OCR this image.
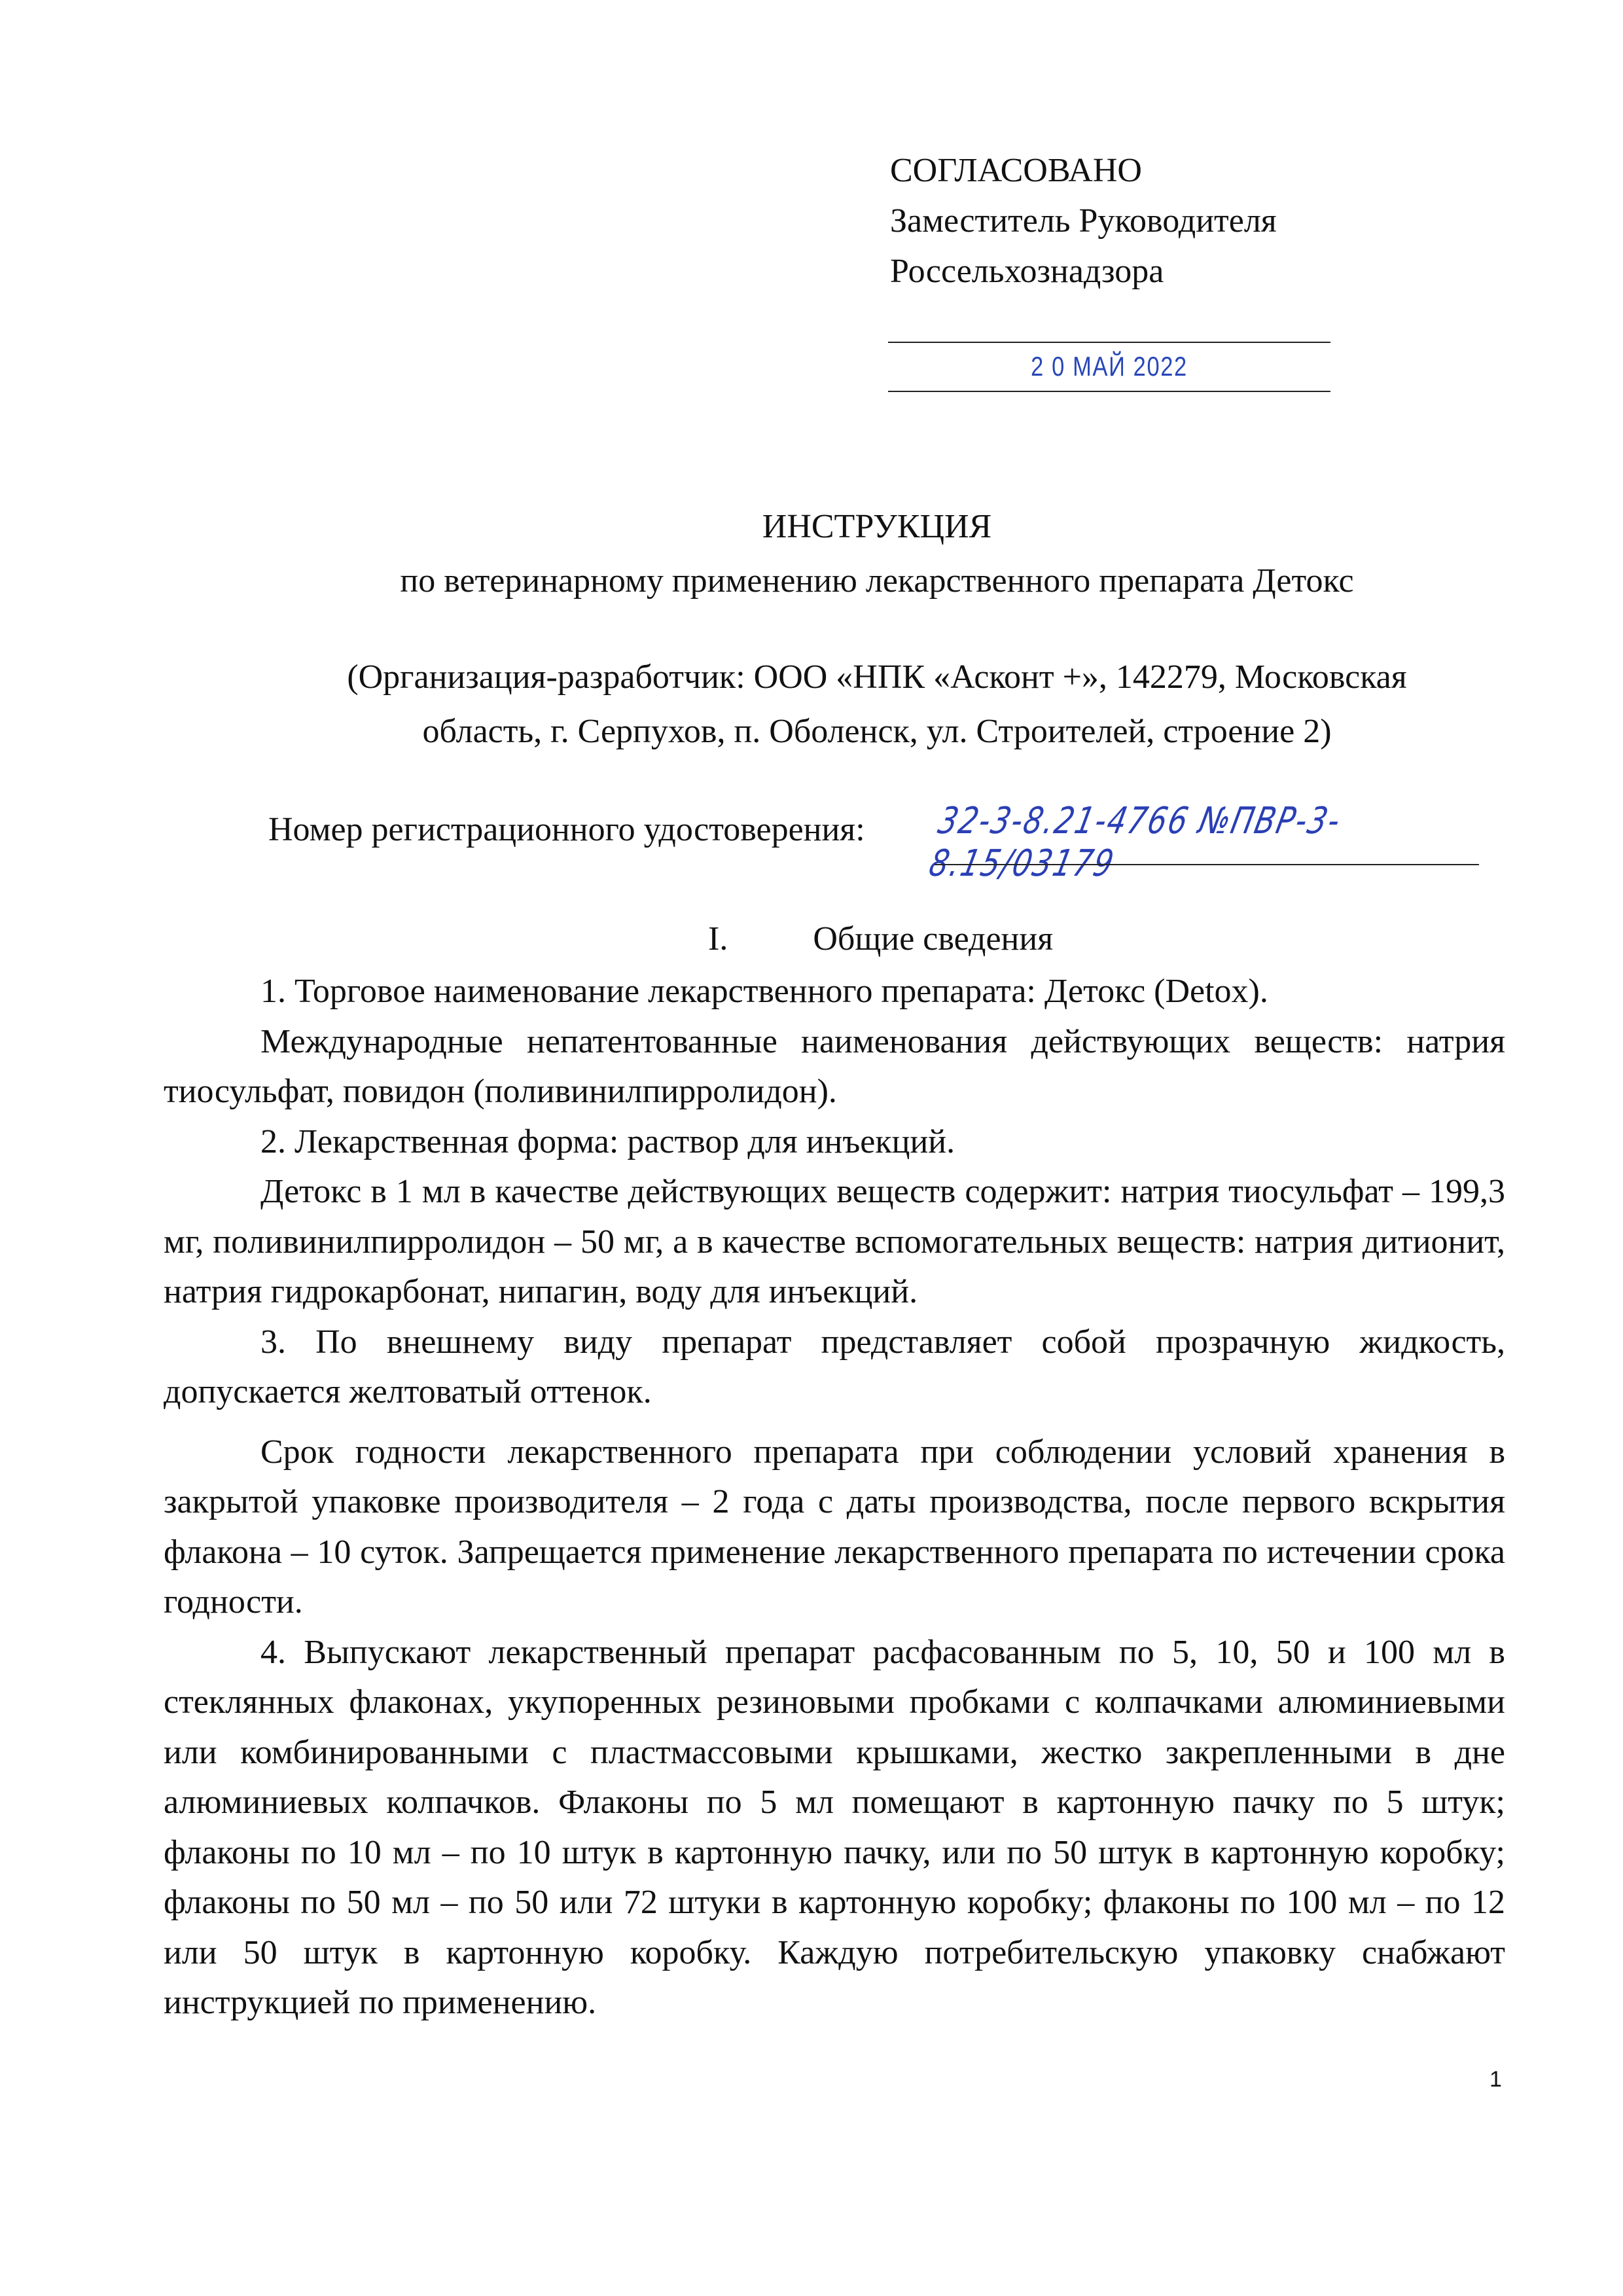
СОГЛАСОВАНО
Заместитель Руководителя
Россельхознадзора
2 0 МАЙ 2022
ИНСТРУКЦИЯ
по ветеринарному применению лекарственного препарата Детокс
(Организация-разработчик: ООО «НПК «Асконт +», 142279, Московская
область, г. Серпухов, п. Оболенск, ул. Строителей, строение 2)
Номер регистрационного удостоверения: 32-3-8.21-4766 №ПВР-3-8.15/03179
I.	Общие сведения

1. Торговое наименование лекарственного препарата: Детокс (Detox).

Международные непатентованные наименования действующих веществ: натрия тиосульфат, повидон (поливинилпирролидон).

2. Лекарственная форма: раствор для инъекций.

Детокс в 1 мл в качестве действующих веществ содержит: натрия тиосульфат – 199,3 мг, поливинилпирролидон – 50 мг, а в качестве вспомогательных веществ: натрия дитионит, натрия гидрокарбонат, нипагин, воду для инъекций.

3. По внешнему виду препарат представляет собой прозрачную жидкость, допускается желтоватый оттенок.

Срок годности лекарственного препарата при соблюдении условий хранения в закрытой упаковке производителя – 2 года с даты производства, после первого вскрытия флакона – 10 суток. Запрещается применение лекарственного препарата по истечении срока годности.

4. Выпускают лекарственный препарат расфасованным по 5, 10, 50 и 100 мл в стеклянных флаконах, укупоренных резиновыми пробками с колпачками алюминиевыми или комбинированными с пластмассовыми крышками, жестко закрепленными в дне алюминиевых колпачков. Флаконы по 5 мл помещают в картонную пачку по 5 штук; флаконы по 10 мл – по 10 штук в картонную пачку, или по 50 штук в картонную коробку; флаконы по 50 мл – по 50 или 72 штуки в картонную коробку; флаконы по 100 мл – по 12 или 50 штук в картонную коробку. Каждую потребительскую упаковку снабжают инструкцией по применению.

1
